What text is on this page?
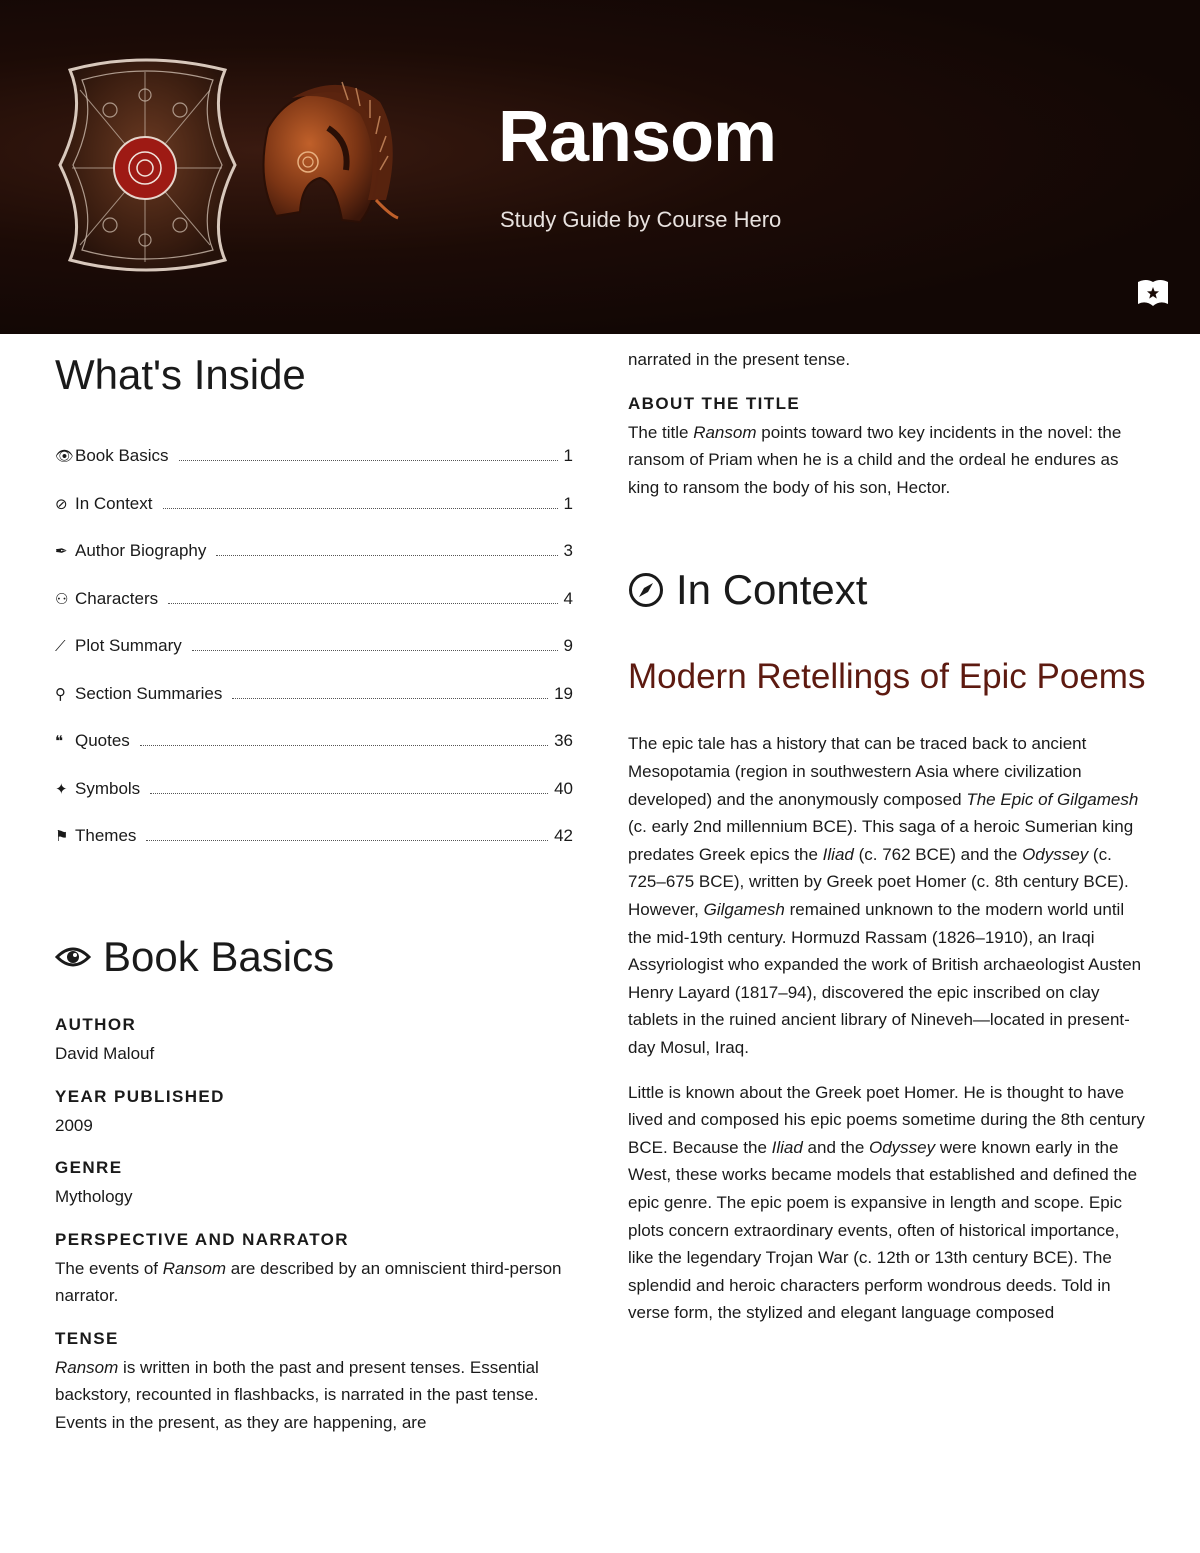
Ransom
Study Guide by Course Hero
What's Inside
👁 Book Basics	1
⊘ In Context	1
✒ Author Biography	3
⚇ Characters	4
⟋ Plot Summary	9
⚲ Section Summaries	19
❝ Quotes	36
✦ Symbols	40
⚑ Themes	42
Book Basics

AUTHOR

David Malouf

YEAR PUBLISHED

2009

GENRE

Mythology

PERSPECTIVE AND NARRATOR

The events of Ransom are described by an omniscient third-person narrator.

TENSE

Ransom is written in both the past and present tenses. Essential backstory, recounted in flashbacks, is narrated in the past tense. Events in the present, as they are happening, are

narrated in the present tense.

ABOUT THE TITLE

The title Ransom points toward two key incidents in the novel: the ransom of Priam when he is a child and the ordeal he endures as king to ransom the body of his son, Hector.

In Context
Modern Retellings of Epic Poems

The epic tale has a history that can be traced back to ancient Mesopotamia (region in southwestern Asia where civilization developed) and the anonymously composed The Epic of Gilgamesh (c. early 2nd millennium BCE). This saga of a heroic Sumerian king predates Greek epics the Iliad (c. 762 BCE) and the Odyssey (c. 725–675 BCE), written by Greek poet Homer (c. 8th century BCE). However, Gilgamesh remained unknown to the modern world until the mid-19th century. Hormuzd Rassam (1826–1910), an Iraqi Assyriologist who expanded the work of British archaeologist Austen Henry Layard (1817–94), discovered the epic inscribed on clay tablets in the ruined ancient library of Nineveh—located in present-day Mosul, Iraq.

Little is known about the Greek poet Homer. He is thought to have lived and composed his epic poems sometime during the 8th century BCE. Because the Iliad and the Odyssey were known early in the West, these works became models that established and defined the epic genre. The epic poem is expansive in length and scope. Epic plots concern extraordinary events, often of historical importance, like the legendary Trojan War (c. 12th or 13th century BCE). The splendid and heroic characters perform wondrous deeds. Told in verse form, the stylized and elegant language composed
